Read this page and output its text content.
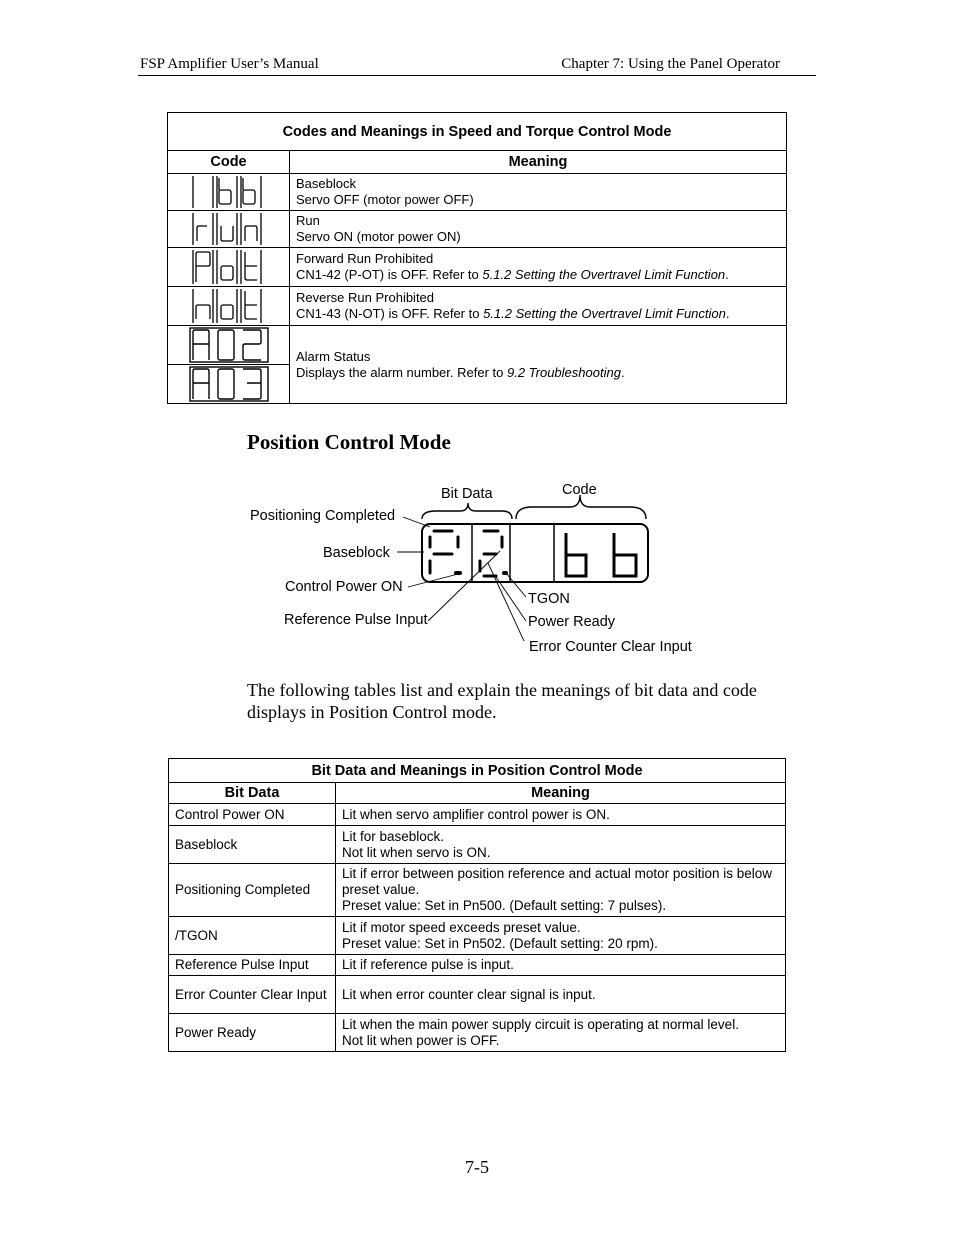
FSP Amplifier User’s Manual	Chapter 7: Using the Panel Operator
Codes and Meanings in Speed and Torque Control Mode	
Code	Meaning

Baseblock
Servo OFF (motor power OFF)

Run
Servo ON (motor power ON)

Forward Run Prohibited
CN1-42 (P-OT) is OFF. Refer to 5.1.2 Setting the Overtravel Limit Function.

Reverse Run Prohibited
CN1-43 (N-OT) is OFF. Refer to 5.1.2 Setting the Overtravel Limit Function.

Alarm Status
Displays the alarm number. Refer to 9.2 Troubleshooting.

Position Control Mode
Bit Data	Code
Positioning Completed
Baseblock
Control Power ON
Reference Pulse Input
TGON
Power Ready
Error Counter Clear Input
The following tables list and explain the meanings of bit data and code displays in Position Control mode.
Bit Data and Meanings in Position Control Mode	
Bit Data	Meaning
Control Power ON	Lit when servo amplifier control power is ON.

Baseblock	Lit for baseblock.
Not lit when servo is ON.

Positioning Completed	Lit if error between position reference and actual motor position is below preset value.
Preset value: Set in Pn500. (Default setting: 7 pulses).

/TGON	Lit if motor speed exceeds preset value.
Preset value: Set in Pn502. (Default setting: 20 rpm).

Reference Pulse Input	Lit if reference pulse is input.

Error Counter Clear Input	Lit when error counter clear signal is input.

Power Ready	Lit when the main power supply circuit is operating at normal level.
Not lit when power is OFF.
7-5
